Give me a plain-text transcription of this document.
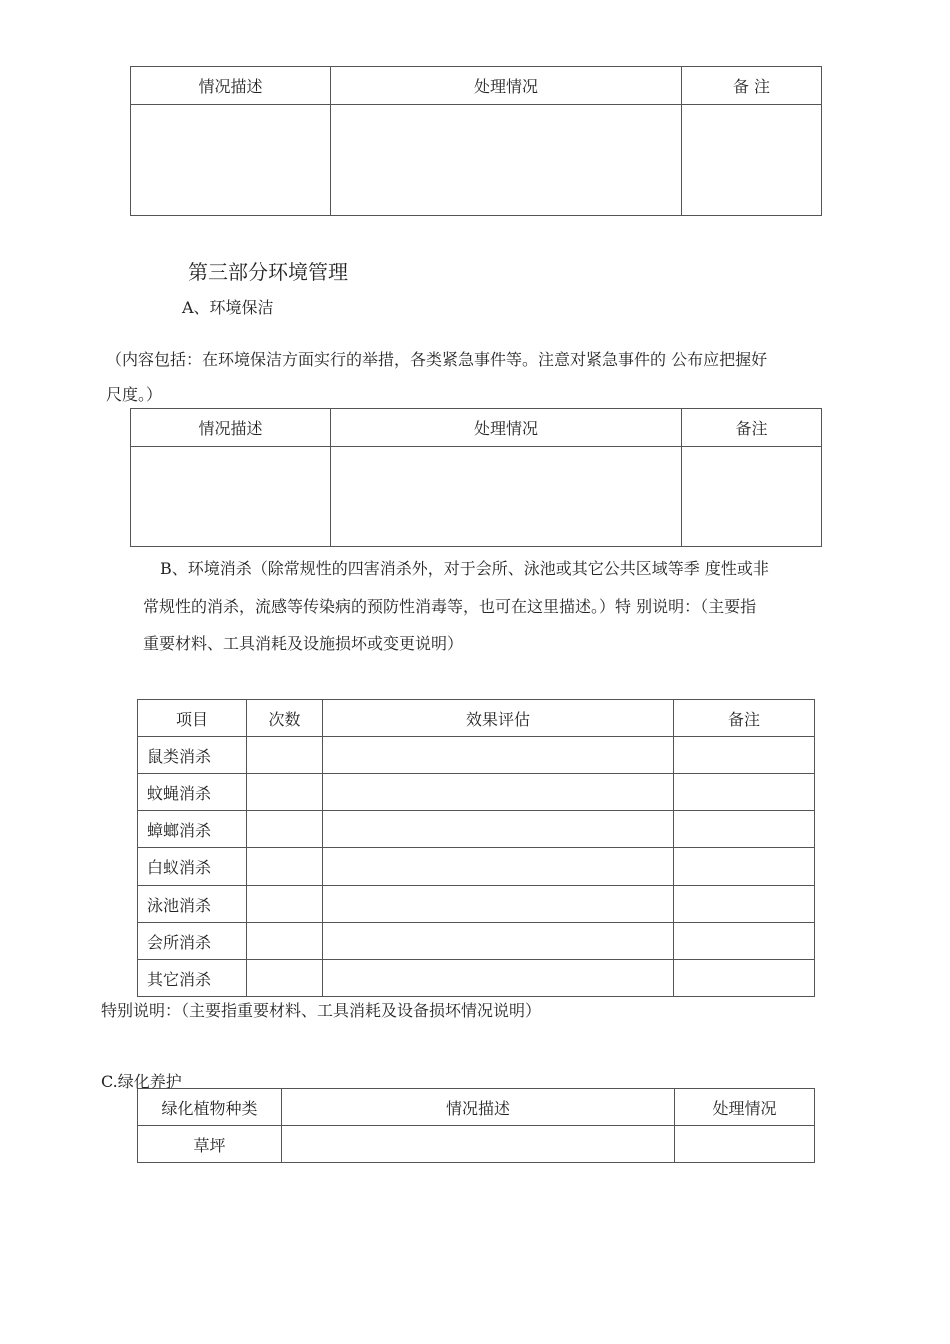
情况描述	处理情况	备 注

第三部分环境管理
A、环境保洁
（内容包括：在环境保洁方面实行的举措，各类紧急事件等。注意对紧急事件的 公布应把握好
尺度。）
情况描述	处理情况	备注

B、环境消杀（除常规性的四害消杀外，对于会所、泳池或其它公共区域等季 度性或非
常规性的消杀，流感等传染病的预防性消毒等，也可在这里描述。）特 别说明：（主要指
重要材料、工具消耗及设施损坏或变更说明）
项目	次数	效果评估	备注
鼠类消杀			
蚊蝇消杀			
蟑螂消杀			
白蚁消杀			
泳池消杀			
会所消杀			
其它消杀			
特别说明：（主要指重要材料、工具消耗及设备损坏情况说明）
C.绿化养护
绿化植物种类	情况描述	处理情况
草坪		
